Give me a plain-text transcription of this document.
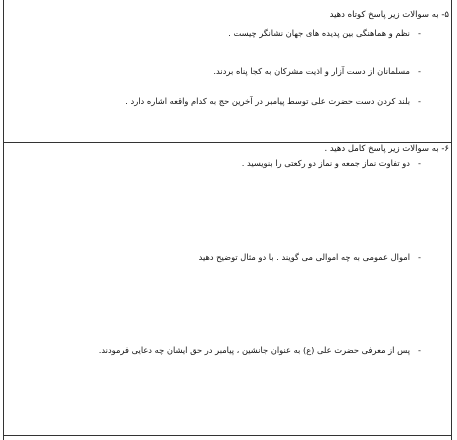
۵- به سوالات زیر پاسخ کوتاه دهید
-نظم و هماهنگی بین پدیده های جهان نشانگر چیست .
-مسلمانان از دست آزار و اذیت مشرکان به کجا پناه بردند.
-بلند کردن دست حضرت علی توسط پیامبر در آخرین حج به کدام واقعه اشاره دارد .
۶- به سوالات زیر پاسخ کامل دهید .
-دو تفاوت نماز جمعه و نماز دو رکعتی را بنویسید .
-اموال عمومی به چه اموالی می گویند . با دو مثال توضیح دهید
-پس از معرفی حضرت علی (ع) به عنوان جانشین ، پیامبر در حق ایشان چه دعایی فرمودند.
